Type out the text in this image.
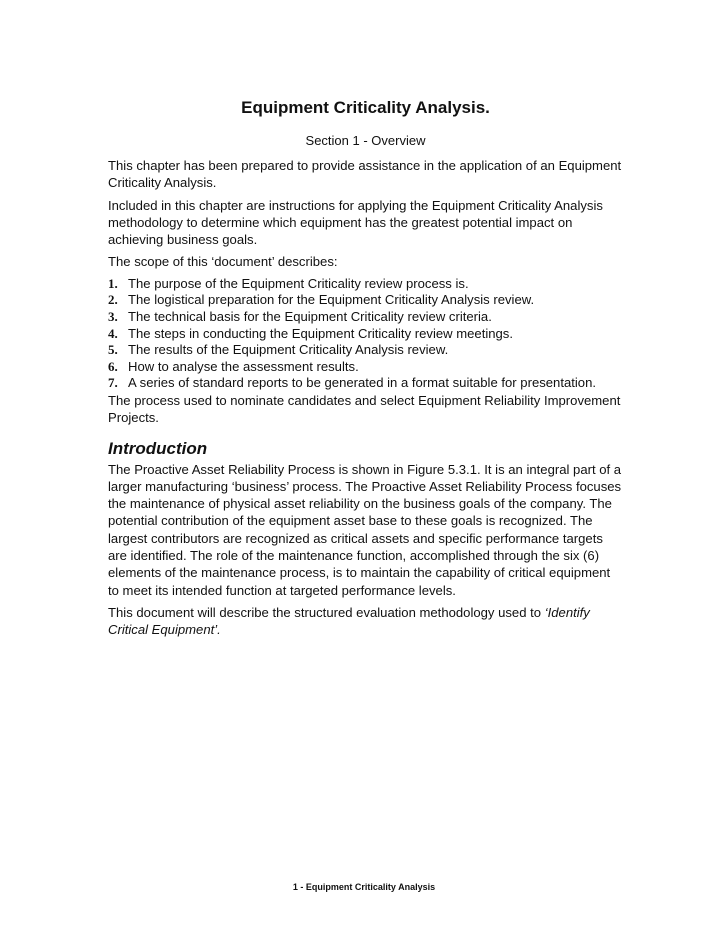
Equipment Criticality Analysis.
Section 1 - Overview

This chapter has been prepared to provide assistance in the application of an Equipment Criticality Analysis.

Included in this chapter are instructions for applying the Equipment Criticality Analysis methodology to determine which equipment has the greatest potential impact on achieving business goals.

The scope of this ‘document’ describes:

1. The purpose of the Equipment Criticality review process is.
2. The logistical preparation for the Equipment Criticality Analysis review.
3. The technical basis for the Equipment Criticality review criteria.
4. The steps in conducting the Equipment Criticality review meetings.
5. The results of the Equipment Criticality Analysis review.
6. How to analyse the assessment results.
7. A series of standard reports to be generated in a format suitable for presentation.

The process used to nominate candidates and select Equipment Reliability Improvement Projects.

Introduction

The Proactive Asset Reliability Process is shown in Figure 5.3.1. It is an integral part of a larger manufacturing ‘business’ process. The Proactive Asset Reliability Process focuses the maintenance of physical asset reliability on the business goals of the company. The potential contribution of the equipment asset base to these goals is recognized. The largest contributors are recognized as critical assets and specific performance targets are identified. The role of the maintenance function, accomplished through the six (6) elements of the maintenance process, is to maintain the capability of critical equipment to meet its intended function at targeted performance levels.

This document will describe the structured evaluation methodology used to ‘Identify Critical Equipment’.

1 - Equipment Criticality Analysis
